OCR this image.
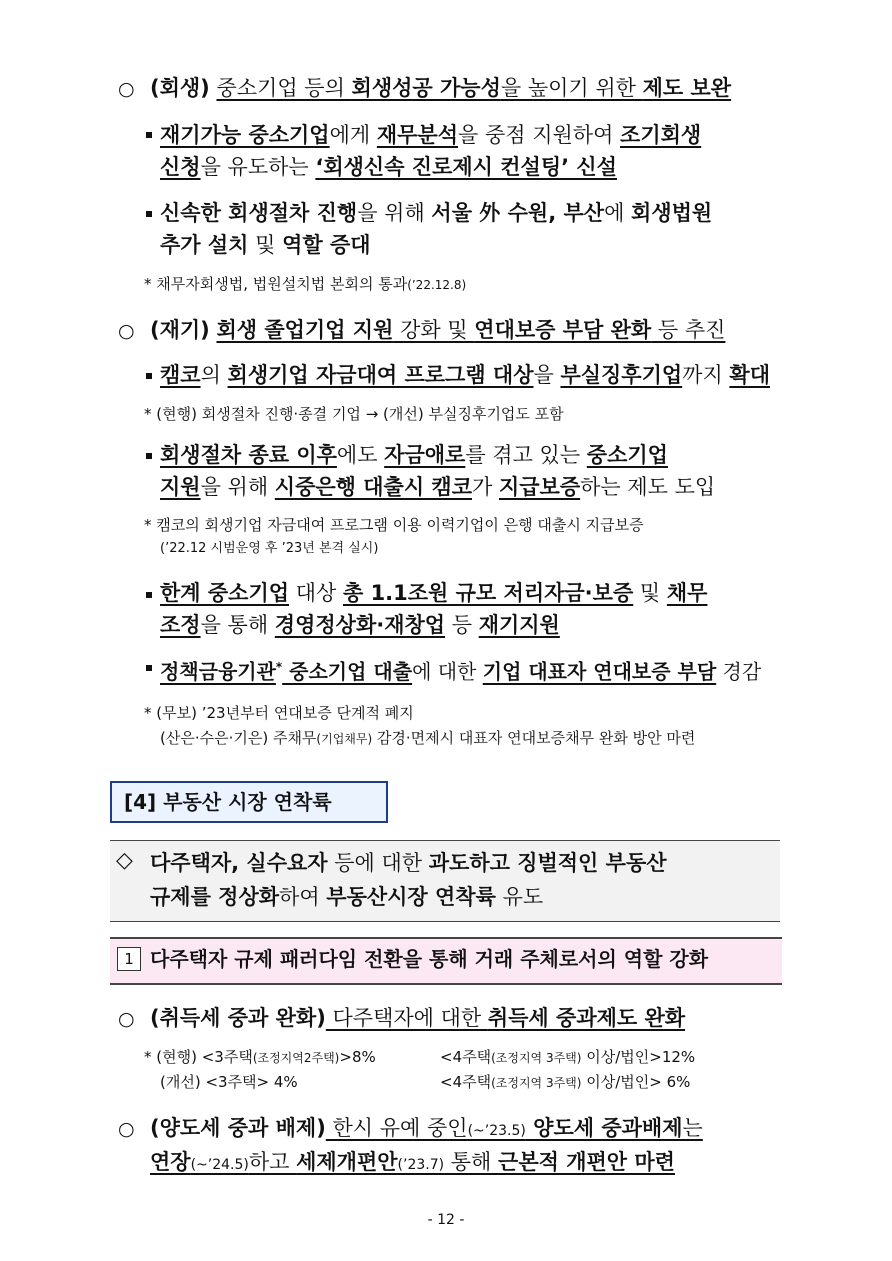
○ (회생) 중소기업 등의 회생성공 가능성을 높이기 위한 제도 보완
재기가능 중소기업에게 재무분석을 중점 지원하여 조기회생
신청을 유도하는 ‘회생신속 진로제시 컨설팅’ 신설
신속한 회생절차 진행을 위해 서울 外 수원, 부산에 회생법원
추가 설치 및 역할 증대
* 채무자회생법, 법원설치법 본회의 통과(’22.12.8)
○ (재기) 회생 졸업기업 지원 강화 및 연대보증 부담 완화 등 추진
캠코의 회생기업 자금대여 프로그램 대상을 부실징후기업까지 확대
* (현행) 회생절차 진행·종결 기업 → (개선) 부실징후기업도 포함
회생절차 종료 이후에도 자금애로를 겪고 있는 중소기업
지원을 위해 시중은행 대출시 캠코가 지급보증하는 제도 도입
* 캠코의 회생기업 자금대여 프로그램 이용 이력기업이 은행 대출시 지급보증
(’22.12 시범운영 후 ’23년 본격 실시)
한계 중소기업 대상 총 1.1조원 규모 저리자금·보증 및 채무
조정을 통해 경영정상화·재창업 등 재기지원
정책금융기관* 중소기업 대출에 대한 기업 대표자 연대보증 부담 경감
* (무보) ’23년부터 연대보증 단계적 폐지
(산은·수은·기은) 주채무(기업채무) 감경·면제시 대표자 연대보증채무 완화 방안 마련
[4] 부동산 시장 연착륙
◇ 다주택자, 실수요자 등에 대한 과도하고 징벌적인 부동산
규제를 정상화하여 부동산시장 연착륙 유도
1 다주택자 규제 패러다임 전환을 통해 거래 주체로서의 역할 강화
○ (취득세 중과 완화) 다주택자에 대한 취득세 중과제도 완화
* (현행) <3주택(조정지역2주택)>8%	<4주택(조정지역 3주택) 이상/법인>12%
(개선) <3주택> 4%	<4주택(조정지역 3주택) 이상/법인> 6%
○ (양도세 중과 배제) 한시 유예 중인(~’23.5) 양도세 중과배제는
연장(~’24.5)하고 세제개편안(’23.7) 통해 근본적 개편안 마련
- 12 -
